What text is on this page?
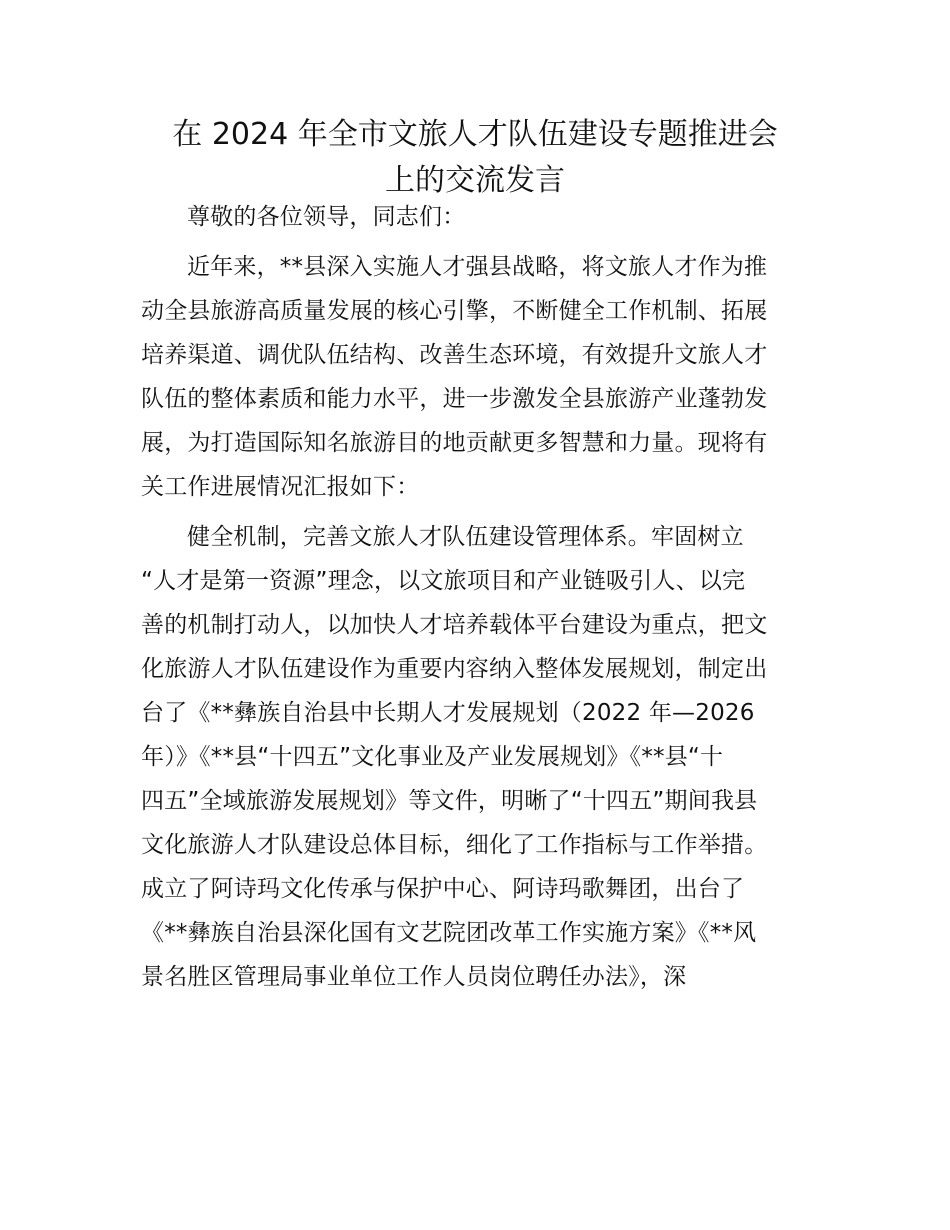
在 2024 年全市文旅人才队伍建设专题推进会
上的交流发言

尊敬的各位领导，同志们：

近年来，**县深入实施人才强县战略，将文旅人才作为推
动全县旅游高质量发展的核心引擎，不断健全工作机制、拓展
培养渠道、调优队伍结构、改善生态环境，有效提升文旅人才
队伍的整体素质和能力水平，进一步激发全县旅游产业蓬勃发
展，为打造国际知名旅游目的地贡献更多智慧和力量。现将有
关工作进展情况汇报如下：

健全机制，完善文旅人才队伍建设管理体系。牢固树立
“人才是第一资源”理念，以文旅项目和产业链吸引人、以完
善的机制打动人，以加快人才培养载体平台建设为重点，把文
化旅游人才队伍建设作为重要内容纳入整体发展规划，制定出
台了《**彝族自治县中长期人才发展规划（2022 年—2026
年）》《**县“十四五”文化事业及产业发展规划》《**县“十
四五”全域旅游发展规划》等文件，明晰了“十四五”期间我县
文化旅游人才队建设总体目标，细化了工作指标与工作举措。
成立了阿诗玛文化传承与保护中心、阿诗玛歌舞团，出台了
《**彝族自治县深化国有文艺院团改革工作实施方案》《**风
景名胜区管理局事业单位工作人员岗位聘任办法》，深
